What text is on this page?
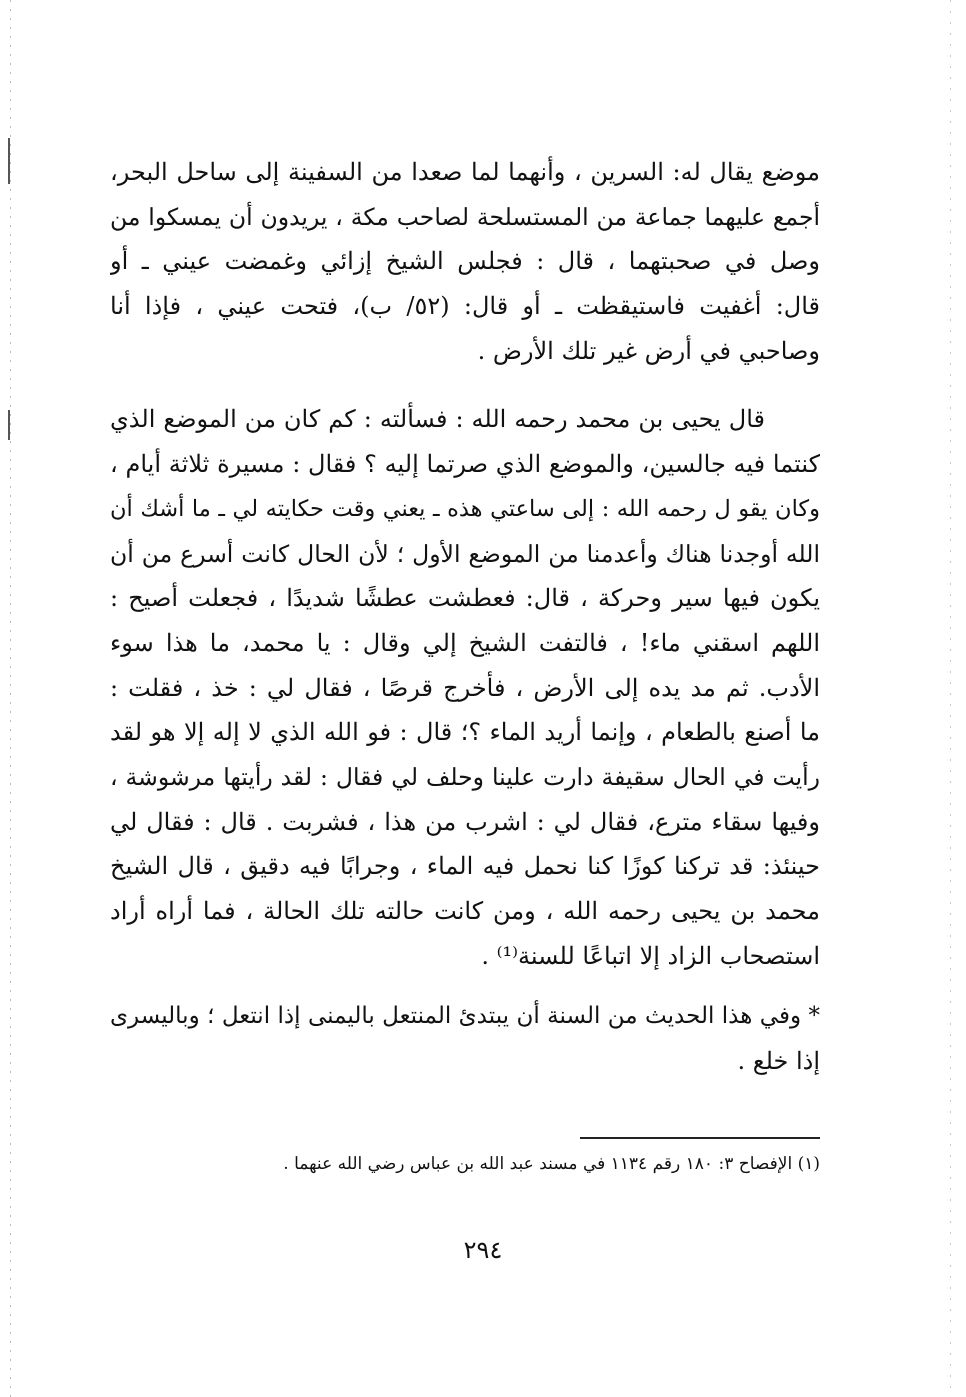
موضع يقال له: السرين ، وأنهما لما صعدا من السفينة إلى ساحل البحر،
أجمع عليهما جماعة من المستسلحة لصاحب مكة ، يريدون أن يمسكوا من
وصل في صحبتهما ، قال : فجلس الشيخ إزائي وغمضت عيني ـ أو
قال: أغفيت فاستيقظت ـ أو قال: (٥٢/ ب)، فتحت عيني ، فإذا أنا
وصاحبي في أرض غير تلك الأرض .
قال يحيى بن محمد رحمه الله : فسألته : كم كان من الموضع الذي
كنتما فيه جالسين، والموضع الذي صرتما إليه ؟ فقال : مسيرة ثلاثة أيام ،
وكان يقو ل رحمه الله : إلى ساعتي هذه ـ يعني وقت حكايته لي ـ ما أشك أن
الله أوجدنا هناك وأعدمنا من الموضع الأول ؛ لأن الحال كانت أسرع من أن
يكون فيها سير وحركة ، قال: فعطشت عطشًا شديدًا ، فجعلت أصيح :
اللهم اسقني ماء! ، فالتفت الشيخ إلي وقال : يا محمد، ما هذا سوء
الأدب. ثم مد يده إلى الأرض ، فأخرج قرصًا ، فقال لي : خذ ، فقلت :
ما أصنع بالطعام ، وإنما أريد الماء ؟؛ قال : فو الله الذي لا إله إلا هو لقد
رأيت في الحال سقيفة دارت علينا وحلف لي فقال : لقد رأيتها مرشوشة ،
وفيها سقاء مترع، فقال لي : اشرب من هذا ، فشربت . قال : فقال لي
حينئذ: قد تركنا كوزًا كنا نحمل فيه الماء ، وجرابًا فيه دقيق ، قال الشيخ
محمد بن يحيى رحمه الله ، ومن كانت حالته تلك الحالة ، فما أراه أراد
استصحاب الزاد إلا اتباعًا للسنة⁽¹⁾ .
* وفي هذا الحديث من السنة أن يبتدئ المنتعل باليمنى إذا انتعل ؛ وباليسرى
إذا خلع .
(١) الإفصاح ٣: ١٨٠ رقم ١١٣٤ في مسند عبد الله بن عباس رضي الله عنهما .
٢٩٤
